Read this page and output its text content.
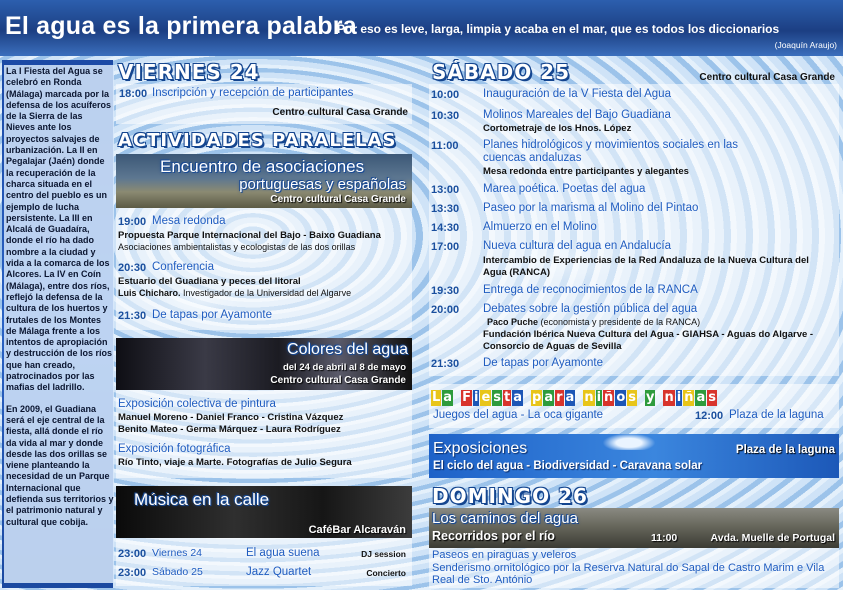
El agua es la primera palabra
Por eso es leve, larga, limpia y acaba en el mar, que es todos los diccionarios
(Joaquín Araujo)

La I Fiesta del Agua se celebró en Ronda (Málaga) marcada por la defensa de los acuíferos de la Sierra de las Nieves ante los proyectos salvajes de urbanización. La II en Pegalajar (Jaén) donde la recuperación de la charca situada en el centro del pueblo es un ejemplo de lucha persistente. La III en Alcalá de Guadaíra, donde el río ha dado nombre a la ciudad y vida a la comarca de los Alcores. La IV en Coín (Málaga), entre dos ríos, reflejó la defensa de la cultura de los huertos y frutales de los Montes de Málaga frente a los intentos de apropiación y destrucción de los ríos que han creado, patrocinados por las mafias del ladrillo.

En 2009, el Guadiana será el eje central de la fiesta, allá donde el río da vida al mar y donde desde las dos orillas se viene planteando la necesidad de un Parque Internacional que defienda sus territorios y el patrimonio natural y cultural que cobija.

VIERNES 24
18:00 Inscripción y recepción de participantes
Centro cultural Casa Grande
ACTIVIDADES PARALELAS
Encuentro de asociaciones
portuguesas y españolas
Centro cultural Casa Grande
19:00 Mesa redonda
Propuesta Parque Internacional del Bajo - Baixo Guadiana
Asociaciones ambientalistas y ecologistas de las dos orillas
20:30 Conferencia
Estuario del Guadiana y peces del litoral
Luis Chicharo. Investigador de la Universidad del Algarve
21:30 De tapas por Ayamonte
Colores del agua
del 24 de abril al 8 de mayo
Centro cultural Casa Grande
Exposición colectiva de pintura
Manuel Moreno - Daniel Franco - Cristina Vázquez
Benito Mateo - Germa Márquez - Laura Rodríguez
Exposición fotográfica
Río Tinto, viaje a Marte. Fotografías de Julio Segura
Música en la calle
CaféBar Alcaraván
23:00 Viernes 24	El agua suena	DJ session
23:00 Sábado 25	Jazz Quartet	Concierto
SÁBADO 25	Centro cultural Casa Grande
10:00 Inauguración de la V Fiesta del Agua
10:30 Molinos Mareales del Bajo Guadiana
Cortometraje de los Hnos. López
11:00 Planes hidrológicos y movimientos sociales en las cuencas andaluzas
Mesa redonda entre participantes y alegantes
13:00 Marea poética. Poetas del agua
13:30 Paseo por la marisma al Molino del Pintao
14:30 Almuerzo en el Molino
17:00 Nueva cultura del agua en Andalucía
Intercambio de Experiencias de la Red Andaluza de la Nueva Cultura del Agua (RANCA)
19:30 Entrega de reconocimientos de la RANCA
20:00 Debates sobre la gestión pública del agua
Paco Puche (economista y presidente de la RANCA)
Fundación Ibérica Nueva Cultura del Agua - GIAHSA - Aguas do Algarve - Consorcio de Aguas de Sevilla
21:30 De tapas por Ayamonte
L a F i e s t a p a r a n i ñ o s y n i ñ a s
Juegos del agua - La oca gigante	12:00 Plaza de la laguna
Exposiciones	Plaza de la laguna
El ciclo del agua - Biodiversidad - Caravana solar
DOMINGO 26
Los caminos del agua
Recorridos por el río	11:00	Avda. Muelle de Portugal
Paseos en piraguas y veleros
Senderismo ornitológico por la Reserva Natural do Sapal de Castro Marim e Vila Real de Sto. António
